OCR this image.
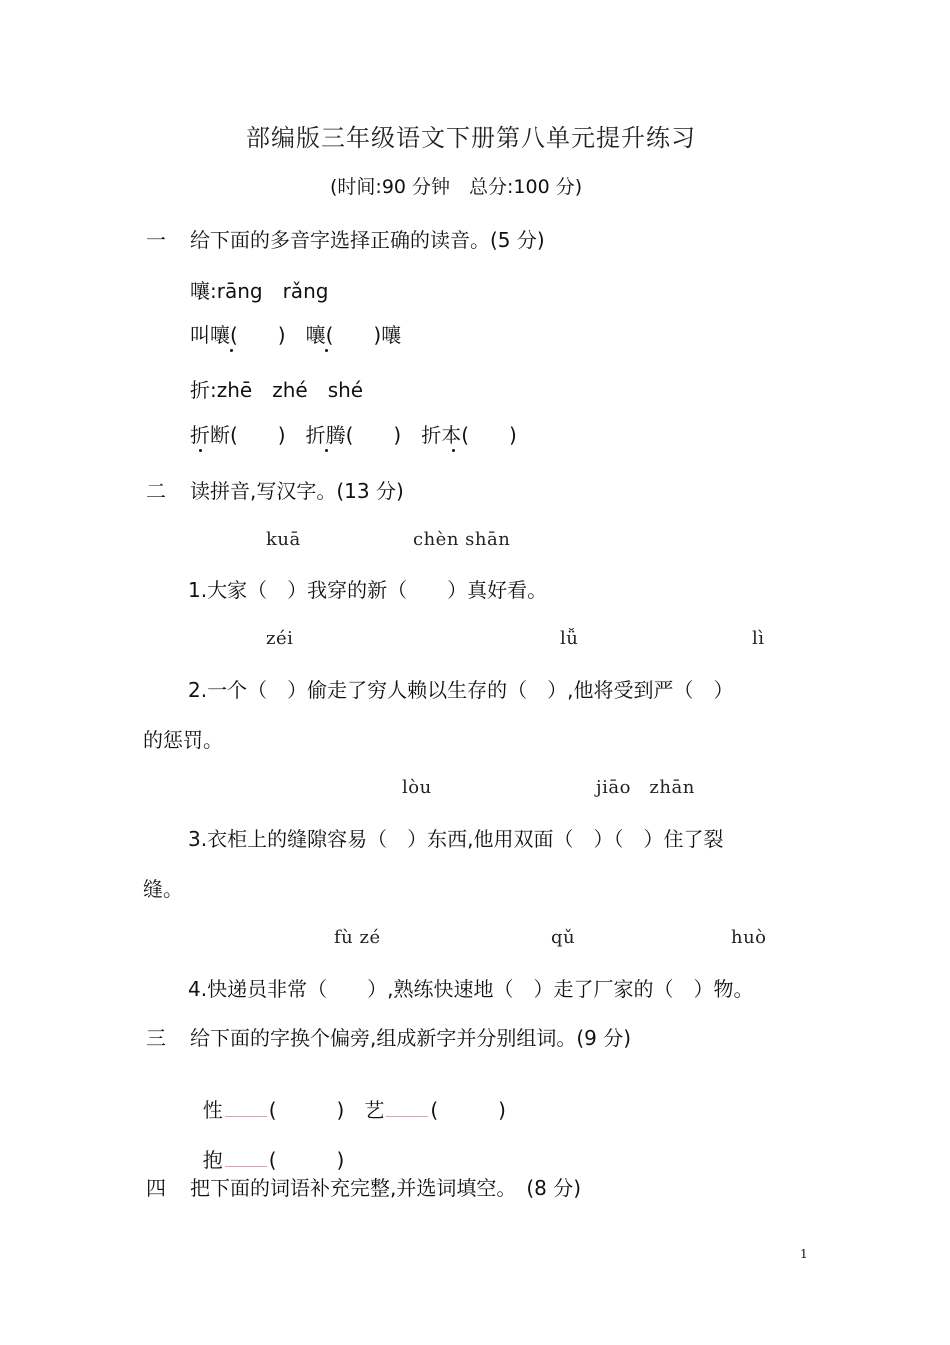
部编版三年级语文下册第八单元提升练习
(时间:90 分钟　总分:100 分)
一 给下面的多音字选择正确的读音。(5 分)
嚷:rāng　rǎng
叫嚷(　　)　嚷(　　)嚷
折:zhē　zhé　shé
折断(　　)　折腾(　　)　折本(　　)
二 读拼音,写汉字。(13 分)
kuā	chèn shān
1.大家（　）我穿的新（　　）真好看。
zéi	lǚ	lì
2.一个（　）偷走了穷人赖以生存的（　）,他将受到严（　）
的惩罚。
lòu	jiāo　zhān
3.衣柜上的缝隙容易（　）东西,他用双面（　）（　）住了裂
缝。
fù zé	qǔ	huò
4.快递员非常（　　）,熟练快速地（　）走了厂家的（　）物。
三 给下面的字换个偏旁,组成新字并分别组词。(9 分)

性 (　　　)　 艺 (　　　)

抱 (　　　)

四 把下面的词语补充完整,并选词填空。　(8 分)
1
